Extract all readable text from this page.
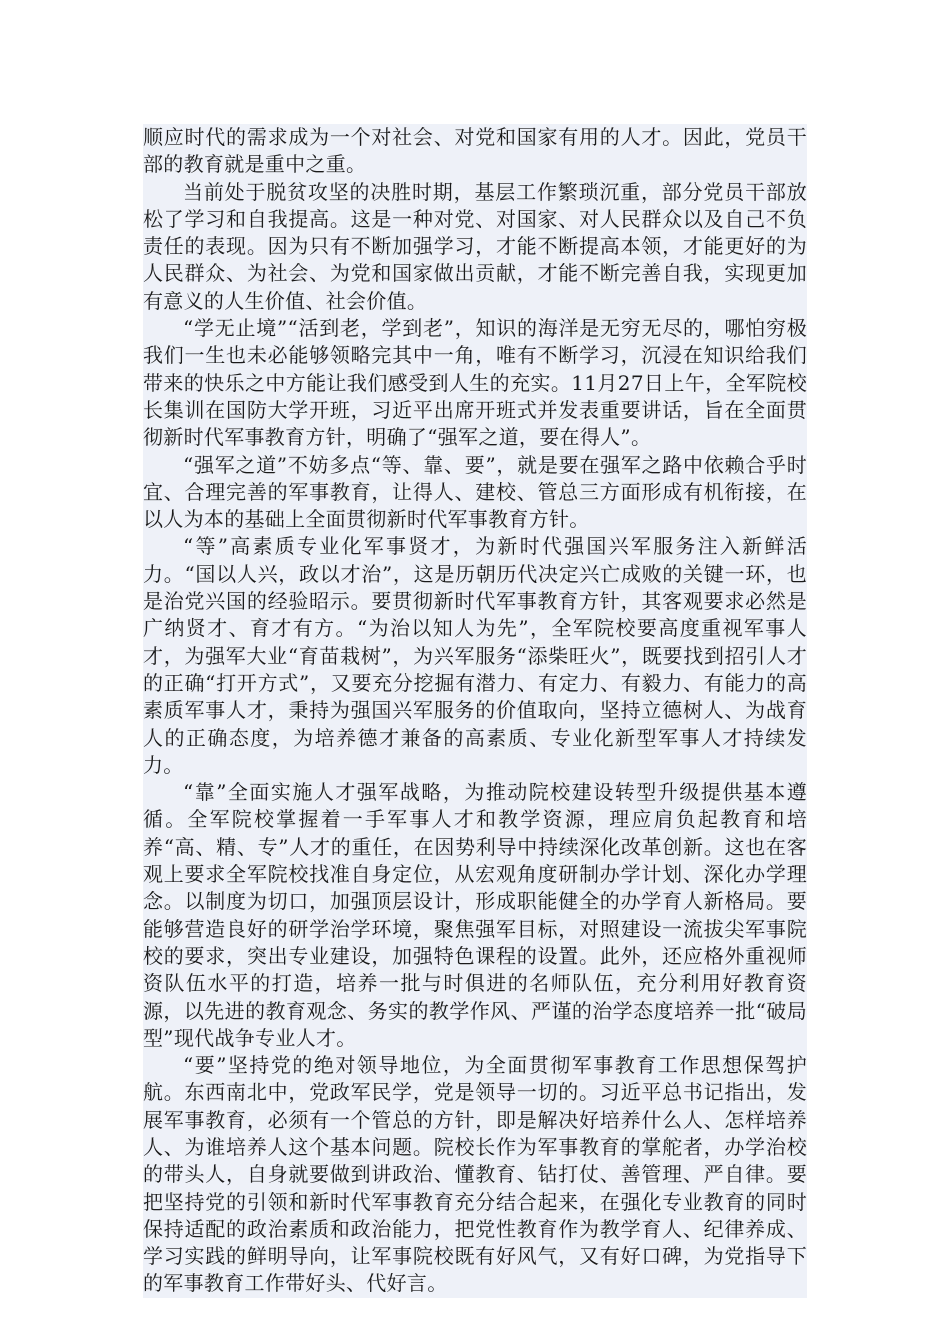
顺应时代的需求成为一个对社会、对党和国家有用的人才。因此，党员干部的教育就是重中之重。

当前处于脱贫攻坚的决胜时期，基层工作繁琐沉重，部分党员干部放松了学习和自我提高。这是一种对党、对国家、对人民群众以及自己不负责任的表现。因为只有不断加强学习，才能不断提高本领，才能更好的为人民群众、为社会、为党和国家做出贡献，才能不断完善自我，实现更加有意义的人生价值、社会价值。

“学无止境”“活到老，学到老”，知识的海洋是无穷无尽的，哪怕穷极我们一生也未必能够领略完其中一角，唯有不断学习，沉浸在知识给我们带来的快乐之中方能让我们感受到人生的充实。11月27日上午，全军院校长集训在国防大学开班，习近平出席开班式并发表重要讲话，旨在全面贯彻新时代军事教育方针，明确了“强军之道，要在得人”。

“强军之道”不妨多点“等、靠、要”，就是要在强军之路中依赖合乎时宜、合理完善的军事教育，让得人、建校、管总三方面形成有机衔接，在以人为本的基础上全面贯彻新时代军事教育方针。

“等”高素质专业化军事贤才，为新时代强国兴军服务注入新鲜活力。“国以人兴，政以才治”，这是历朝历代决定兴亡成败的关键一环，也是治党兴国的经验昭示。要贯彻新时代军事教育方针，其客观要求必然是广纳贤才、育才有方。“为治以知人为先”，全军院校要高度重视军事人才，为强军大业“育苗栽树”，为兴军服务“添柴旺火”，既要找到招引人才的正确“打开方式”，又要充分挖掘有潜力、有定力、有毅力、有能力的高素质军事人才，秉持为强国兴军服务的价值取向，坚持立德树人、为战育人的正确态度，为培养德才兼备的高素质、专业化新型军事人才持续发力。

“靠”全面实施人才强军战略，为推动院校建设转型升级提供基本遵循。全军院校掌握着一手军事人才和教学资源，理应肩负起教育和培养“高、精、专”人才的重任，在因势利导中持续深化改革创新。这也在客观上要求全军院校找准自身定位，从宏观角度研制办学计划、深化办学理念。以制度为切口，加强顶层设计，形成职能健全的办学育人新格局。要能够营造良好的研学治学环境，聚焦强军目标，对照建设一流拔尖军事院校的要求，突出专业建设，加强特色课程的设置。此外，还应格外重视师资队伍水平的打造，培养一批与时俱进的名师队伍，充分利用好教育资源，以先进的教育观念、务实的教学作风、严谨的治学态度培养一批“破局型”现代战争专业人才。

“要”坚持党的绝对领导地位，为全面贯彻军事教育工作思想保驾护航。东西南北中，党政军民学，党是领导一切的。习近平总书记指出，发展军事教育，必须有一个管总的方针，即是解决好培养什么人、怎样培养人、为谁培养人这个基本问题。院校长作为军事教育的掌舵者，办学治校的带头人，自身就要做到讲政治、懂教育、钻打仗、善管理、严自律。要把坚持党的引领和新时代军事教育充分结合起来，在强化专业教育的同时保持适配的政治素质和政治能力，把党性教育作为教学育人、纪律养成、学习实践的鲜明导向，让军事院校既有好风气，又有好口碑，为党指导下的军事教育工作带好头、代好言。
